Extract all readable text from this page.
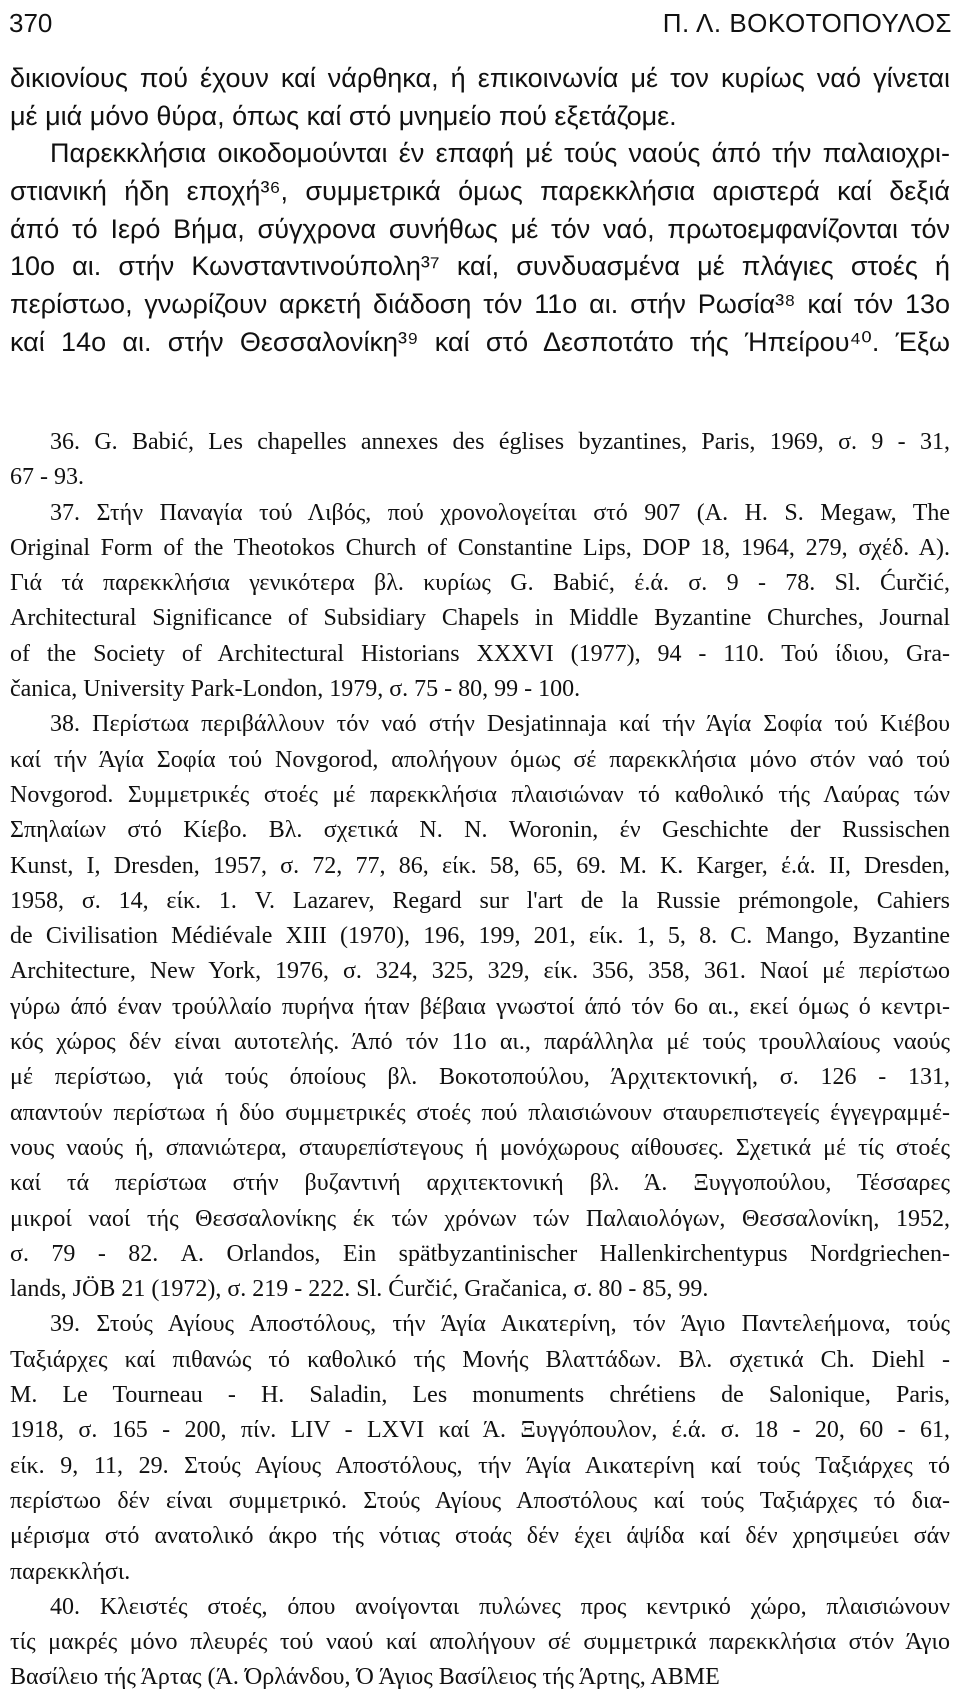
370	Π. Λ. ΒΟΚΟΤΟΠΟΥΛΟΣ
δικιονίους πού έχουν καί νάρθηκα, ή επικοινωνία μέ τον κυρίως ναό γίνεται
μέ μιά μόνο θύρα, όπως καί στό μνημείο πού εξετάζομε.
Παρεκκλήσια οικοδομούνται έν επαφή μέ τούς ναούς άπό τήν παλαιοχρι-
στιανική ήδη εποχή³⁶, συμμετρικά όμως παρεκκλήσια αριστερά καί δεξιά
άπό τό Ιερό Βήμα, σύγχρονα συνήθως μέ τόν ναό, πρωτοεμφανίζονται τόν
10ο αι. στήν Κωνσταντινούπολη³⁷ καί, συνδυασμένα μέ πλάγιες στοές ή
περίστωο, γνωρίζουν αρκετή διάδοση τόν 11ο αι. στήν Ρωσία³⁸ καί τόν 13ο
καί 14ο αι. στήν Θεσσαλονίκη³⁹ καί στό Δεσποτάτο τής Ήπείρου⁴⁰. Έξω
36. G. Babić, Les chapelles annexes des églises byzantines, Paris, 1969, σ. 9 - 31,
67 - 93.
37. Στήν Παναγία τού Λιβός, πού χρονολογείται στό 907 (Α. Η. S. Megaw, The
Original Form of the Theotokos Church of Constantine Lips, DOP 18, 1964, 279, σχέδ. Α).
Γιά τά παρεκκλήσια γενικότερα βλ. κυρίως G. Babić, έ.ά. σ. 9 - 78. Sl. Ćurčić,
Architectural Significance of Subsidiary Chapels in Middle Byzantine Churches, Journal
of the Society of Architectural Historians XXXVI (1977), 94 - 110. Τού ίδιου, Gra-
čanica, University Park-London, 1979, σ. 75 - 80, 99 - 100.
38. Περίστωα περιβάλλουν τόν ναό στήν Desjatinnaja καί τήν Άγία Σοφία τού Κιέβου
καί τήν Άγία Σοφία τού Novgorod, απολήγουν όμως σέ παρεκκλήσια μόνο στόν ναό τού
Novgorod. Συμμετρικές στοές μέ παρεκκλήσια πλαισιώναν τό καθολικό τής Λαύρας τών
Σπηλαίων στό Κίεβο. Βλ. σχετικά Ν. Ν. Woronin, έν Geschichte der Russischen
Kunst, I, Dresden, 1957, σ. 72, 77, 86, είκ. 58, 65, 69. M. K. Karger, έ.ά. II, Dresden,
1958, σ. 14, είκ. 1. V. Lazarev, Regard sur l'art de la Russie prémongole, Cahiers
de Civilisation Médiévale XIII (1970), 196, 199, 201, είκ. 1, 5, 8. C. Mango, Byzantine
Architecture, New York, 1976, σ. 324, 325, 329, είκ. 356, 358, 361. Ναοί μέ περίστωο
γύρω άπό έναν τρούλλαίο πυρήνα ήταν βέβαια γνωστοί άπό τόν 6ο αι., εκεί όμως ό κεντρι-
κός χώρος δέν είναι αυτοτελής. Άπό τόν 11ο αι., παράλληλα μέ τούς τρουλλαίους ναούς
μέ περίστωο, γιά τούς όποίους βλ. Βοκοτοπούλου, Άρχιτεκτονική, σ. 126 - 131,
απαντούν περίστωα ή δύο συμμετρικές στοές πού πλαισιώνουν σταυρεπιστεγείς έγγεγραμμέ-
νους ναούς ή, σπανιώτερα, σταυρεπίστεγους ή μονόχωρους αίθουσες. Σχετικά μέ τίς στοές
καί τά περίστωα στήν βυζαντινή αρχιτεκτονική βλ. Ά. Ξυγγοπούλου, Τέσσαρες
μικροί ναοί τής Θεσσαλονίκης έκ τών χρόνων τών Παλαιολόγων, Θεσσαλονίκη, 1952,
σ. 79 - 82. A. Orlandos, Ein spätbyzantinischer Hallenkirchentypus Nordgriechen-
lands, JÖB 21 (1972), σ. 219 - 222. Sl. Ćurčić, Gračanica, σ. 80 - 85, 99.
39. Στούς Αγίους Αποστόλους, τήν Άγία Αικατερίνη, τόν Άγιο Παντελεήμονα, τούς
Ταξιάρχες καί πιθανώς τό καθολικό τής Μονής Βλαττάδων. Βλ. σχετικά Ch. Diehl -
M. Le Tourneau - H. Saladin, Les monuments chrétiens de Salonique, Paris,
1918, σ. 165 - 200, πίν. LIV - LXVI καί Ά. Ξυγγόπουλον, έ.ά. σ. 18 - 20, 60 - 61,
είκ. 9, 11, 29. Στούς Αγίους Αποστόλους, τήν Άγία Αικατερίνη καί τούς Ταξιάρχες τό
περίστωο δέν είναι συμμετρικό. Στούς Αγίους Αποστόλους καί τούς Ταξιάρχες τό δια-
μέρισμα στό ανατολικό άκρο τής νότιας στοάς δέν έχει άψίδα καί δέν χρησιμεύει σάν
παρεκκλήσι.
40. Κλειστές στοές, όπου ανοίγονται πυλώνες προς κεντρικό χώρο, πλαισιώνουν
τίς μακρές μόνο πλευρές τού ναού καί απολήγουν σέ συμμετρικά παρεκκλήσια στόν Άγιο
Βασίλειο τής Άρτας (Ά. Όρλάνδου, Ό Άγιος Βασίλειος τής Άρτης, ΑΒΜΕ
